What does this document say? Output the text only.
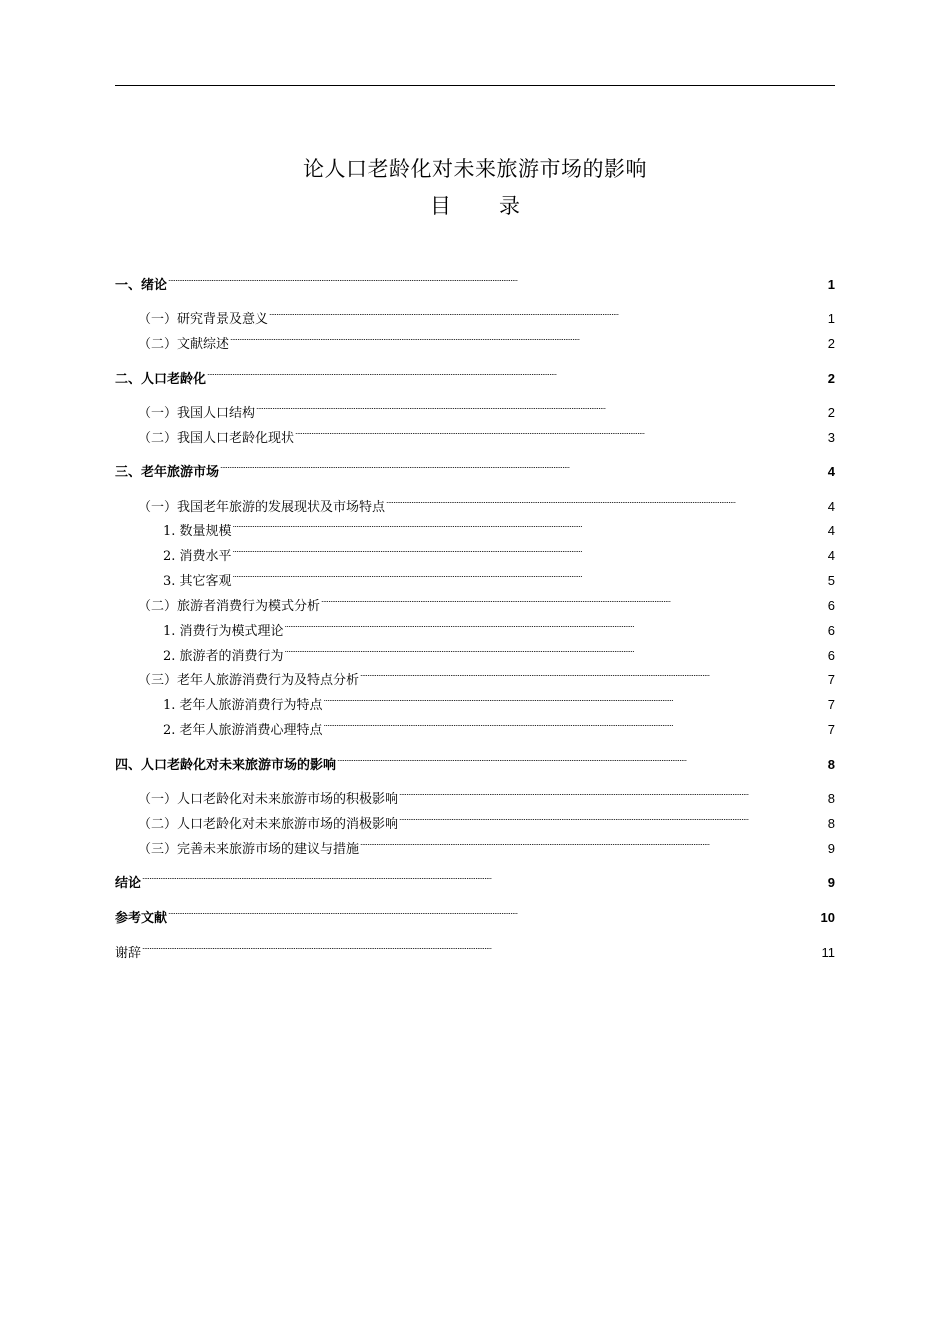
论人口老龄化对未来旅游市场的影响
目 录
一、绪论 . . .	1
（一）研究背景及意义 . . .	1
（二）文献综述 . . .	2
二、人口老龄化 . . .	2
（一）我国人口结构 . . .	2
（二）我国人口老龄化现状 . . .	3
三、老年旅游市场 . . .	4
（一）我国老年旅游的发展现状及市场特点 . . .	4
1. 数量规模 . . .	4
2. 消费水平 . . .	4
3. 其它客观 . . .	5
（二）旅游者消费行为模式分析 . . .	6
1. 消费行为模式理论 . . .	6
2. 旅游者的消费行为 . . .	6
（三）老年人旅游消费行为及特点分析 . . .	7
1. 老年人旅游消费行为特点 . . .	7
2. 老年人旅游消费心理特点 . . .	7
四、人口老龄化对未来旅游市场的影响 . . .	8
（一）人口老龄化对未来旅游市场的积极影响 . . .	8
（二）人口老龄化对未来旅游市场的消极影响 . . .	8
（三）完善未来旅游市场的建议与措施 . . .	9
结论 . . .	9
参考文献 . . .	10
谢辞 . . .	11
